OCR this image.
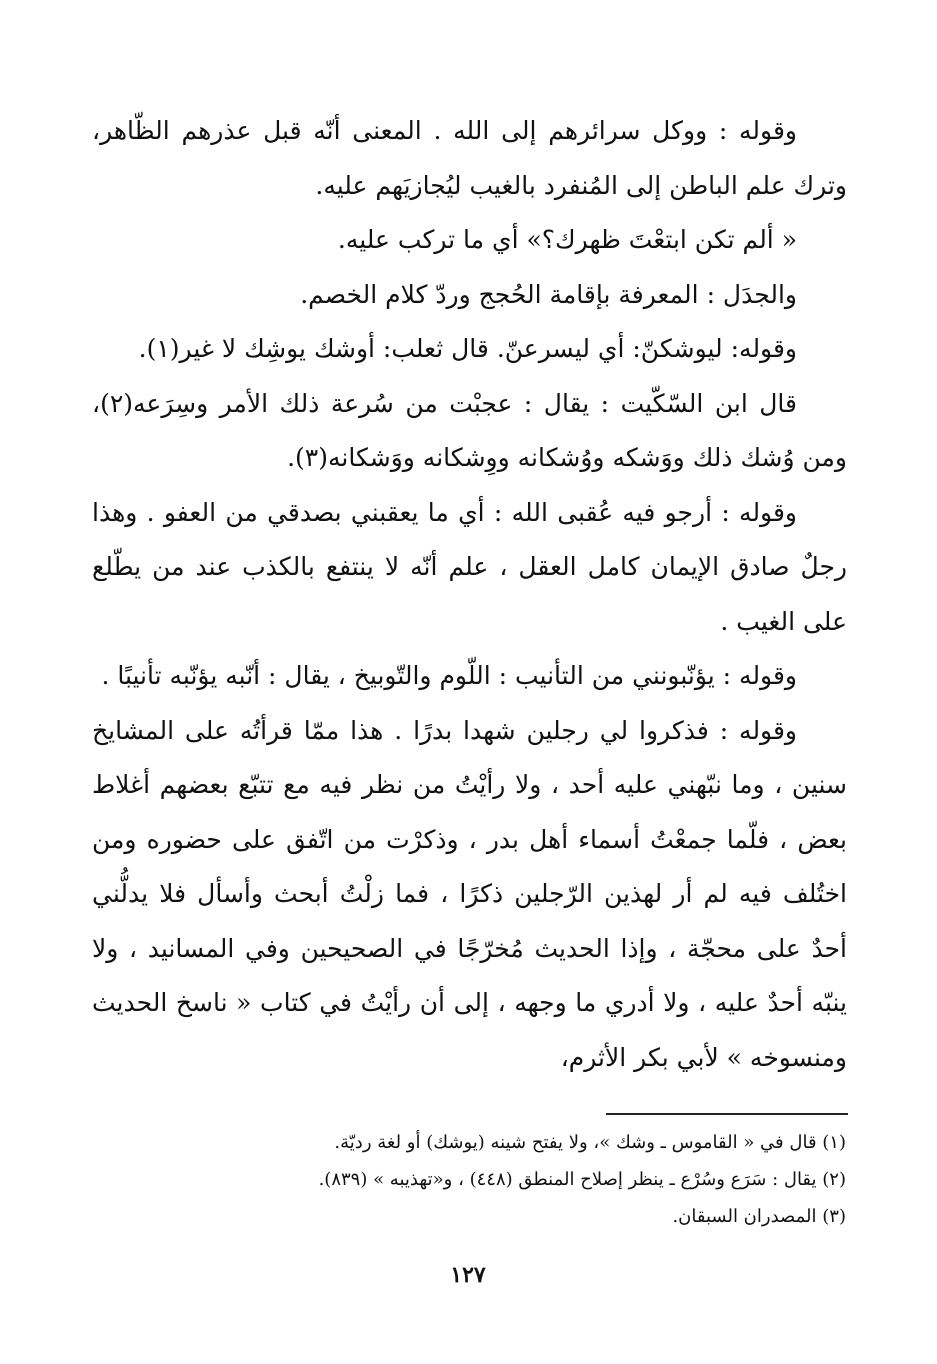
وقوله : ووكل سرائرهم إلى الله . المعنى أنّه قبل عذرهم الظّاهر، وترك علم الباطن إلى المُنفرد بالغيب ليُجازيَهم عليه.

« ألم تكن ابتعْتَ ظهرك؟» أي ما تركب عليه.

والجدَل : المعرفة بإقامة الحُجج وردّ كلام الخصم.

وقوله: ليوشكنّ: أي ليسرعنّ. قال ثعلب: أوشك يوشِك لا غير(١).

قال ابن السّكّيت : يقال : عجبْت من سُرعة ذلك الأمر وسِرَعه(٢)، ومن وُشك ذلك ووَشكه ووُشكانه ووِشكانه ووَشكانه(٣).

وقوله : أرجو فيه عُقبى الله : أي ما يعقبني بصدقي من العفو . وهذا رجلٌ صادق الإيمان كامل العقل ، علم أنّه لا ينتفع بالكذب عند من يطّلع على الغيب .

وقوله : يؤنّبونني من التأنيب : اللّوم والتّوبيخ ، يقال : أنّبه يؤنّبه تأنيبًا .

وقوله : فذكروا لي رجلين شهدا بدرًا . هذا ممّا قرأتُه على المشايخ سنين ، وما نبّهني عليه أحد ، ولا رأيْتُ من نظر فيه مع تتبّع بعضهم أغلاط بعض ، فلّما جمعْتُ أسماء أهل بدر ، وذكرْت من اتّفق على حضوره ومن اختُلف فيه لم أر لهذين الرّجلين ذكرًا ، فما زلْتُ أبحث وأسأل فلا يدلُّني أحدٌ على محجّة ، وإذا الحديث مُخرّجًا في الصحيحين وفي المسانيد ، ولا ينبّه أحدٌ عليه ، ولا أدري ما وجهه ، إلى أن رأيْتُ في كتاب « ناسخ الحديث ومنسوخه » لأبي بكر الأثرم،

(١) قال في « القاموس ـ وشك »، ولا يفتح شينه (يوشك) أو لغة رديّة.

(٢) يقال : سَرَع وسُرْع ـ ينظر إصلاح المنطق (٤٤٨) ، و«تهذيبه » (٨٣٩).

(٣) المصدران السبقان.

١٢٧
